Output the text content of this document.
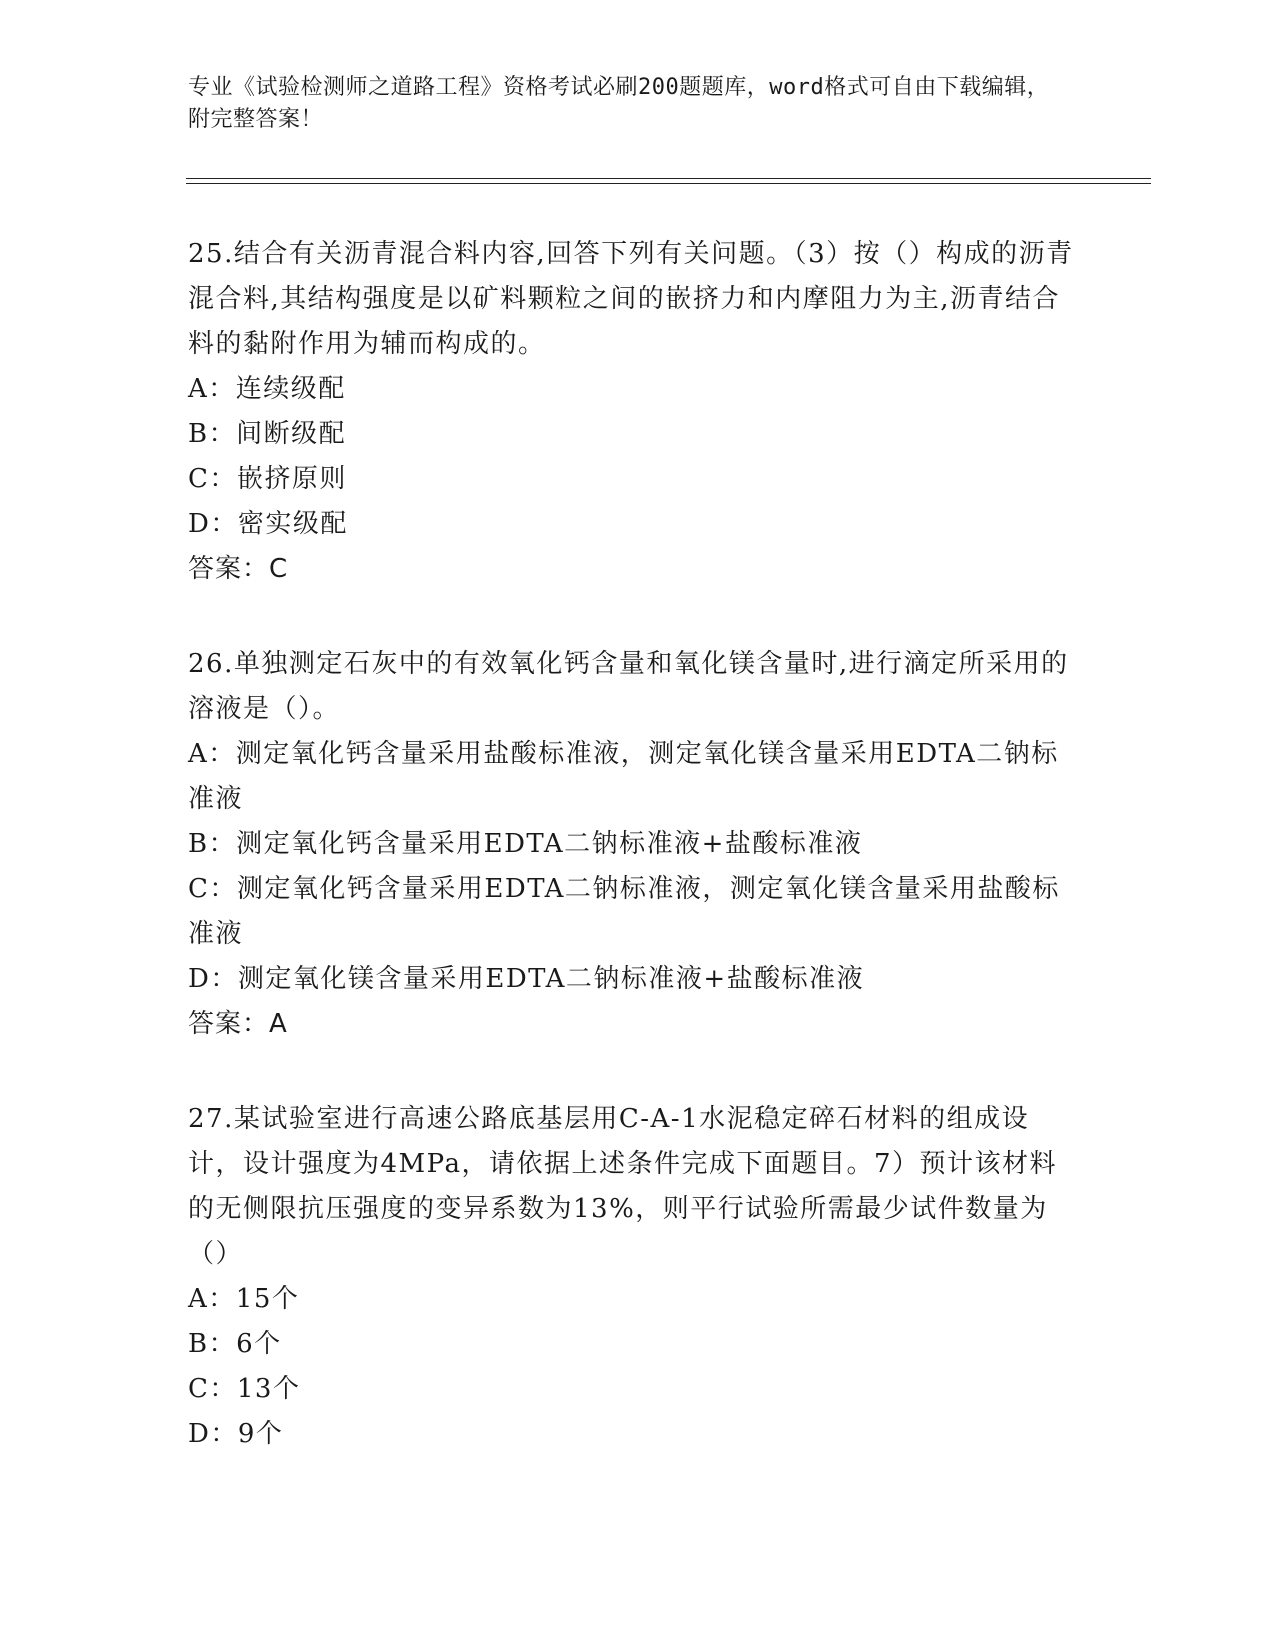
专业《试验检测师之道路工程》资格考试必刷200题题库，word格式可自由下载编辑，附完整答案！

25.结合有关沥青混合料内容,回答下列有关问题。（3）按（）构成的沥青混合料,其结构强度是以矿料颗粒之间的嵌挤力和内摩阻力为主,沥青结合料的黏附作用为辅而构成的。

A：连续级配

B：间断级配

C：嵌挤原则

D：密实级配

答案：C

26.单独测定石灰中的有效氧化钙含量和氧化镁含量时,进行滴定所采用的溶液是（）。

A：测定氧化钙含量采用盐酸标准液，测定氧化镁含量采用EDTA二钠标准液

B：测定氧化钙含量采用EDTA二钠标准液+盐酸标准液

C：测定氧化钙含量采用EDTA二钠标准液，测定氧化镁含量采用盐酸标准液

D：测定氧化镁含量采用EDTA二钠标准液+盐酸标准液

答案：A

27.某试验室进行高速公路底基层用C-A-1水泥稳定碎石材料的组成设计，设计强度为4MPa，请依据上述条件完成下面题目。7）预计该材料的无侧限抗压强度的变异系数为13%，则平行试验所需最少试件数量为（）

A：15个

B：6个

C：13个

D：9个
